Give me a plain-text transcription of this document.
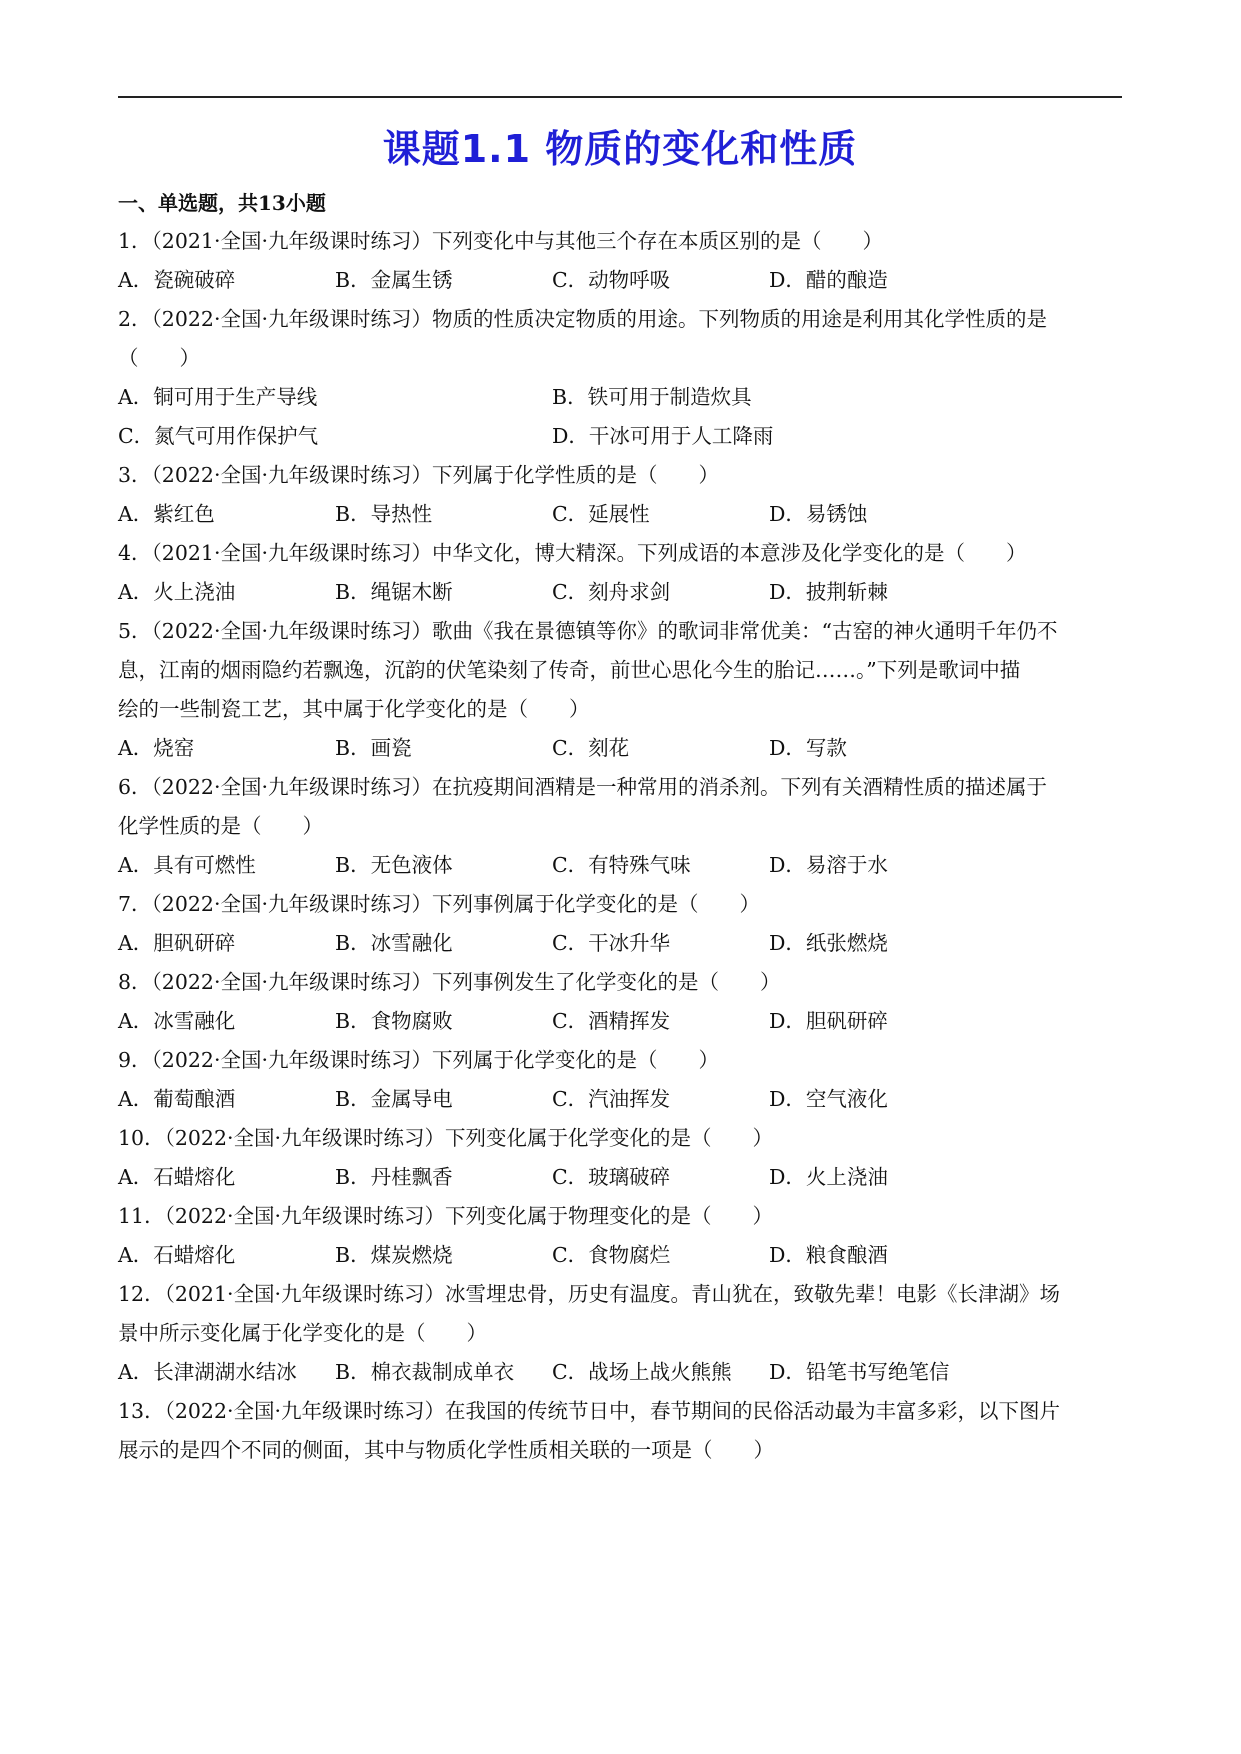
课题1.1 物质的变化和性质
一、单选题，共13小题
1．（2021·全国·九年级课时练习）下列变化中与其他三个存在本质区别的是（　　）
A．瓷碗破碎	B．金属生锈	C．动物呼吸	D．醋的酿造
2．（2022·全国·九年级课时练习）物质的性质决定物质的用途。下列物质的用途是利用其化学性质的是
（　　）
A．铜可用于生产导线	B．铁可用于制造炊具
C．氮气可用作保护气	D．干冰可用于人工降雨
3．（2022·全国·九年级课时练习）下列属于化学性质的是（　　）
A．紫红色	B．导热性	C．延展性	D．易锈蚀
4．（2021·全国·九年级课时练习）中华文化，博大精深。下列成语的本意涉及化学变化的是（　　）
A．火上浇油	B．绳锯木断	C．刻舟求剑	D．披荆斩棘
5．（2022·全国·九年级课时练习）歌曲《我在景德镇等你》的歌词非常优美：“古窑的神火通明千年仍不
息，江南的烟雨隐约若飘逸，沉韵的伏笔染刻了传奇，前世心思化今生的胎记……。”下列是歌词中描
绘的一些制瓷工艺，其中属于化学变化的是（　　）
A．烧窑	B．画瓷	C．刻花	D．写款
6．（2022·全国·九年级课时练习）在抗疫期间酒精是一种常用的消杀剂。下列有关酒精性质的描述属于
化学性质的是（　　）
A．具有可燃性	B．无色液体	C．有特殊气味	D．易溶于水
7．（2022·全国·九年级课时练习）下列事例属于化学变化的是（　　）
A．胆矾研碎	B．冰雪融化	C．干冰升华	D．纸张燃烧
8．（2022·全国·九年级课时练习）下列事例发生了化学变化的是（　　）
A．冰雪融化	B．食物腐败	C．酒精挥发	D．胆矾研碎
9．（2022·全国·九年级课时练习）下列属于化学变化的是（　　）
A．葡萄酿酒	B．金属导电	C．汽油挥发	D．空气液化
10．（2022·全国·九年级课时练习）下列变化属于化学变化的是（　　）
A．石蜡熔化	B．丹桂飘香	C．玻璃破碎	D．火上浇油
11．（2022·全国·九年级课时练习）下列变化属于物理变化的是（　　）
A．石蜡熔化	B．煤炭燃烧	C．食物腐烂	D．粮食酿酒
12．（2021·全国·九年级课时练习）冰雪埋忠骨，历史有温度。青山犹在，致敬先辈！电影《长津湖》场
景中所示变化属于化学变化的是（　　）
A．长津湖湖水结冰	B．棉衣裁制成单衣	C．战场上战火熊熊	D．铅笔书写绝笔信
13．（2022·全国·九年级课时练习）在我国的传统节日中，春节期间的民俗活动最为丰富多彩，以下图片
展示的是四个不同的侧面，其中与物质化学性质相关联的一项是（　　）
